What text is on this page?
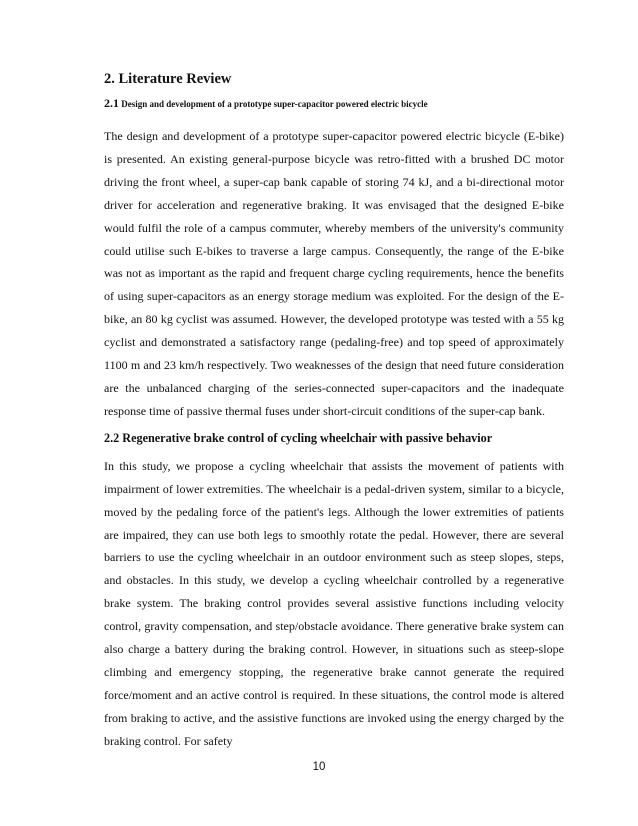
2. Literature Review
2.1 Design and development of a prototype super-capacitor powered electric bicycle

The design and development of a prototype super-capacitor powered electric bicycle (E-bike) is presented. An existing general-purpose bicycle was retro-fitted with a brushed DC motor driving the front wheel, a super-cap bank capable of storing 74 kJ, and a bi-directional motor driver for acceleration and regenerative braking. It was envisaged that the designed E-bike would fulfil the role of a campus commuter, whereby members of the university's community could utilise such E-bikes to traverse a large campus. Consequently, the range of the E-bike was not as important as the rapid and frequent charge cycling requirements, hence the benefits of using super-capacitors as an energy storage medium was exploited. For the design of the E-bike, an 80 kg cyclist was assumed. However, the developed prototype was tested with a 55 kg cyclist and demonstrated a satisfactory range (pedaling-free) and top speed of approximately 1100 m and 23 km/h respectively. Two weaknesses of the design that need future consideration are the unbalanced charging of the series-connected super-capacitors and the inadequate response time of passive thermal fuses under short-circuit conditions of the super-cap bank.

2.2 Regenerative brake control of cycling wheelchair with passive behavior

In this study, we propose a cycling wheelchair that assists the movement of patients with impairment of lower extremities. The wheelchair is a pedal-driven system, similar to a bicycle, moved by the pedaling force of the patient's legs. Although the lower extremities of patients are impaired, they can use both legs to smoothly rotate the pedal. However, there are several barriers to use the cycling wheelchair in an outdoor environment such as steep slopes, steps, and obstacles. In this study, we develop a cycling wheelchair controlled by a regenerative brake system. The braking control provides several assistive functions including velocity control, gravity compensation, and step/obstacle avoidance. There generative brake system can also charge a battery during the braking control. However, in situations such as steep-slope climbing and emergency stopping, the regenerative brake cannot generate the required force/moment and an active control is required. In these situations, the control mode is altered from braking to active, and the assistive functions are invoked using the energy charged by the braking control. For safety

10
